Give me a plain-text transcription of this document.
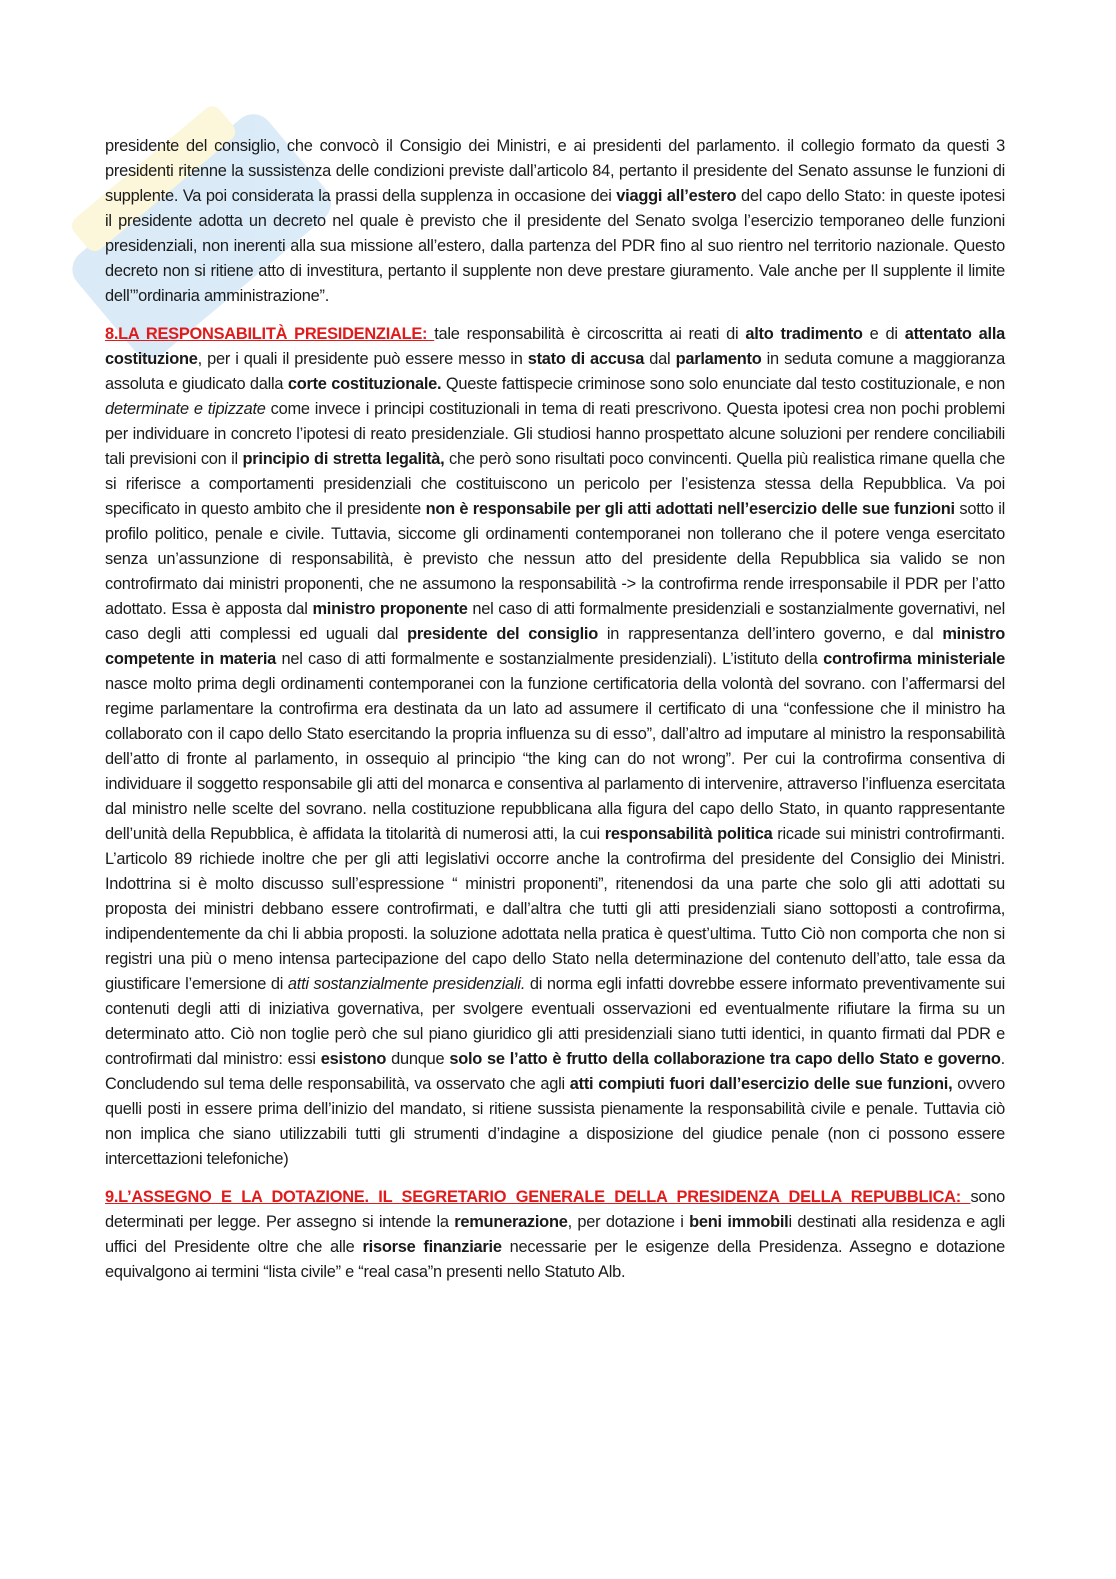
presidente del consiglio, che convocò il Consigio dei Ministri, e ai presidenti del parlamento. il collegio formato da questi 3 presidenti ritenne la sussistenza delle condizioni previste dall’articolo 84, pertanto il presidente del Senato assunse le funzioni di supplente. Va poi considerata la prassi della supplenza in occasione dei viaggi all’estero del capo dello Stato: in queste ipotesi il presidente adotta un decreto nel quale è previsto che il presidente del Senato svolga l’esercizio temporaneo delle funzioni presidenziali, non inerenti alla sua missione all’estero, dalla partenza del PDR fino al suo rientro nel territorio nazionale. Questo decreto non si ritiene atto di investitura, pertanto il supplente non deve prestare giuramento. Vale anche per Il supplente il limite dell’”ordinaria amministrazione”.

8.LA RESPONSABILITÀ PRESIDENZIALE: tale responsabilità è circoscritta ai reati di alto tradimento e di attentato alla costituzione, per i quali il presidente può essere messo in stato di accusa dal parlamento in seduta comune a maggioranza assoluta e giudicato dalla corte costituzionale. Queste fattispecie criminose sono solo enunciate dal testo costituzionale, e non determinate e tipizzate come invece i principi costituzionali in tema di reati prescrivono. Questa ipotesi crea non pochi problemi per individuare in concreto l’ipotesi di reato presidenziale. Gli studiosi hanno prospettato alcune soluzioni per rendere conciliabili tali previsioni con il principio di stretta legalità, che però sono risultati poco convincenti. Quella più realistica rimane quella che si riferisce a comportamenti presidenziali che costituiscono un pericolo per l’esistenza stessa della Repubblica. Va poi specificato in questo ambito che il presidente non è responsabile per gli atti adottati nell’esercizio delle sue funzioni sotto il profilo politico, penale e civile. Tuttavia, siccome gli ordinamenti contemporanei non tollerano che il potere venga esercitato senza un’assunzione di responsabilità, è previsto che nessun atto del presidente della Repubblica sia valido se non controfirmato dai ministri proponenti, che ne assumono la responsabilità -> la controfirma rende irresponsabile il PDR per l’atto adottato. Essa è apposta dal ministro proponente nel caso di atti formalmente presidenziali e sostanzialmente governativi, nel caso degli atti complessi ed uguali dal presidente del consiglio in rappresentanza dell’intero governo, e dal ministro competente in materia nel caso di atti formalmente e sostanzialmente presidenziali). L’istituto della controfirma ministeriale nasce molto prima degli ordinamenti contemporanei con la funzione certificatoria della volontà del sovrano. con l’affermarsi del regime parlamentare la controfirma era destinata da un lato ad assumere il certificato di una “confessione che il ministro ha collaborato con il capo dello Stato esercitando la propria influenza su di esso”, dall’altro ad imputare al ministro la responsabilità dell’atto di fronte al parlamento, in ossequio al principio “the king can do not wrong”. Per cui la controfirma consentiva di individuare il soggetto responsabile gli atti del monarca e consentiva al parlamento di intervenire, attraverso l’influenza esercitata dal ministro nelle scelte del sovrano. nella costituzione repubblicana alla figura del capo dello Stato, in quanto rappresentante dell’unità della Repubblica, è affidata la titolarità di numerosi atti, la cui responsabilità politica ricade sui ministri controfirmanti. L’articolo 89 richiede inoltre che per gli atti legislativi occorre anche la controfirma del presidente del Consiglio dei Ministri. Indottrina si è molto discusso sull’espressione “ ministri proponenti”, ritenendosi da una parte che solo gli atti adottati su proposta dei ministri debbano essere controfirmati, e dall’altra che tutti gli atti presidenziali siano sottoposti a controfirma, indipendentemente da chi li abbia proposti. la soluzione adottata nella pratica è quest’ultima. Tutto Ciò non comporta che non si registri una più o meno intensa partecipazione del capo dello Stato nella determinazione del contenuto dell’atto, tale essa da giustificare l’emersione di atti sostanzialmente presidenziali. di norma egli infatti dovrebbe essere informato preventivamente sui contenuti degli atti di iniziativa governativa, per svolgere eventuali osservazioni ed eventualmente rifiutare la firma su un determinato atto. Ciò non toglie però che sul piano giuridico gli atti presidenziali siano tutti identici, in quanto firmati dal PDR e controfirmati dal ministro: essi esistono dunque solo se l’atto è frutto della collaborazione tra capo dello Stato e governo. Concludendo sul tema delle responsabilità, va osservato che agli atti compiuti fuori dall’esercizio delle sue funzioni, ovvero quelli posti in essere prima dell’inizio del mandato, si ritiene sussista pienamente la responsabilità civile e penale. Tuttavia ciò non implica che siano utilizzabili tutti gli strumenti d’indagine a disposizione del giudice penale (non ci possono essere intercettazioni telefoniche)

9.L’ASSEGNO E LA DOTAZIONE. IL SEGRETARIO GENERALE DELLA PRESIDENZA DELLA REPUBBLICA: sono determinati per legge. Per assegno si intende la remunerazione, per dotazione i beni immobili destinati alla residenza e agli uffici del Presidente oltre che alle risorse finanziarie necessarie per le esigenze della Presidenza. Assegno e dotazione equivalgono ai termini “lista civile” e “real casa”n presenti nello Statuto Alb.
